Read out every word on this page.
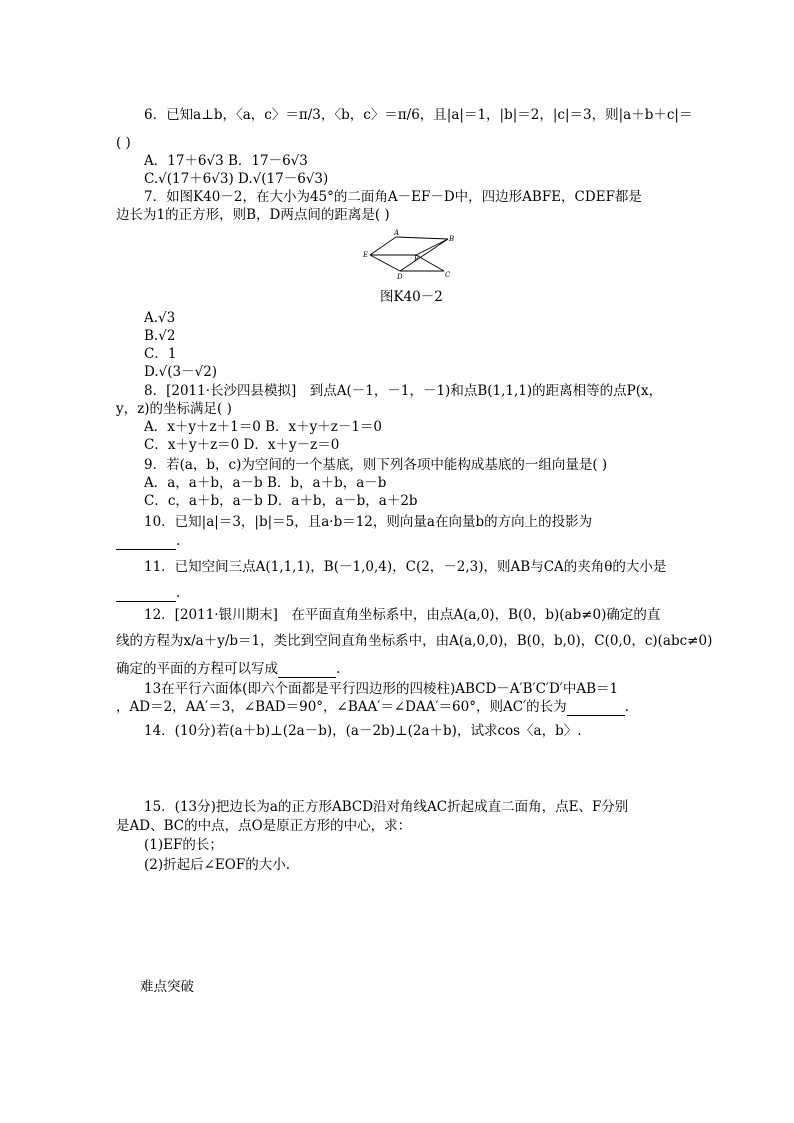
6．已知a⊥b，〈a，c〉＝π/3，〈b，c〉＝π/6，且|a|＝1，|b|＝2，|c|＝3，则|a＋b＋c|＝
( )
A．17＋6√3 B．17－6√3
C.√(17＋6√3) D.√(17－6√3)
7．如图K40－2，在大小为45°的二面角A－EF－D中，四边形ABFE，CDEF都是
边长为1的正方形，则B，D两点间的距离是( )
A
B
E	F
D	C
图K40－2
A.√3
B.√2
C．1
D.√(3－√2)
8．[2011·长沙四县模拟]　到点A(－1，－1，－1)和点B(1,1,1)的距离相等的点P(x，
y，z)的坐标满足( )
A．x＋y＋z＋1＝0 B．x＋y＋z－1＝0
C．x＋y＋z＝0 D．x＋y－z＝0
9．若(a，b，c)为空间的一个基底，则下列各项中能构成基底的一组向量是( )
A．a，a＋b，a－b B．b，a＋b，a－b
C．c，a＋b，a－b D．a＋b，a－b，a＋2b
10．已知|a|＝3，|b|＝5，且a·b＝12，则向量a在向量b的方向上的投影为
.
11．已知空间三点A(1,1,1)，B(－1,0,4)，C(2，－2,3)，则AB与CA的夹角θ的大小是
.
12．[2011·银川期末]　在平面直角坐标系中，由点A(a,0)，B(0，b)(ab≠0)确定的直
线的方程为x/a＋y/b＝1，类比到空间直角坐标系中，由A(a,0,0)，B(0，b,0)，C(0,0，c)(abc≠0)
确定的平面的方程可以写成	.
13在平行六面体(即六个面都是平行四边形的四棱柱)ABCD－A′B′C′D′中AB＝1
，AD＝2，AA′＝3，∠BAD＝90°，∠BAA′＝∠DAA′＝60°，则AC′的长为	.
14．(10分)若(a＋b)⊥(2a－b)，(a－2b)⊥(2a＋b)，试求cos〈a，b〉.
15．(13分)把边长为a的正方形ABCD沿对角线AC折起成直二面角，点E、F分别
是AD、BC的中点，点O是原正方形的中心，求：
(1)EF的长；
(2)折起后∠EOF的大小.
难点突破
